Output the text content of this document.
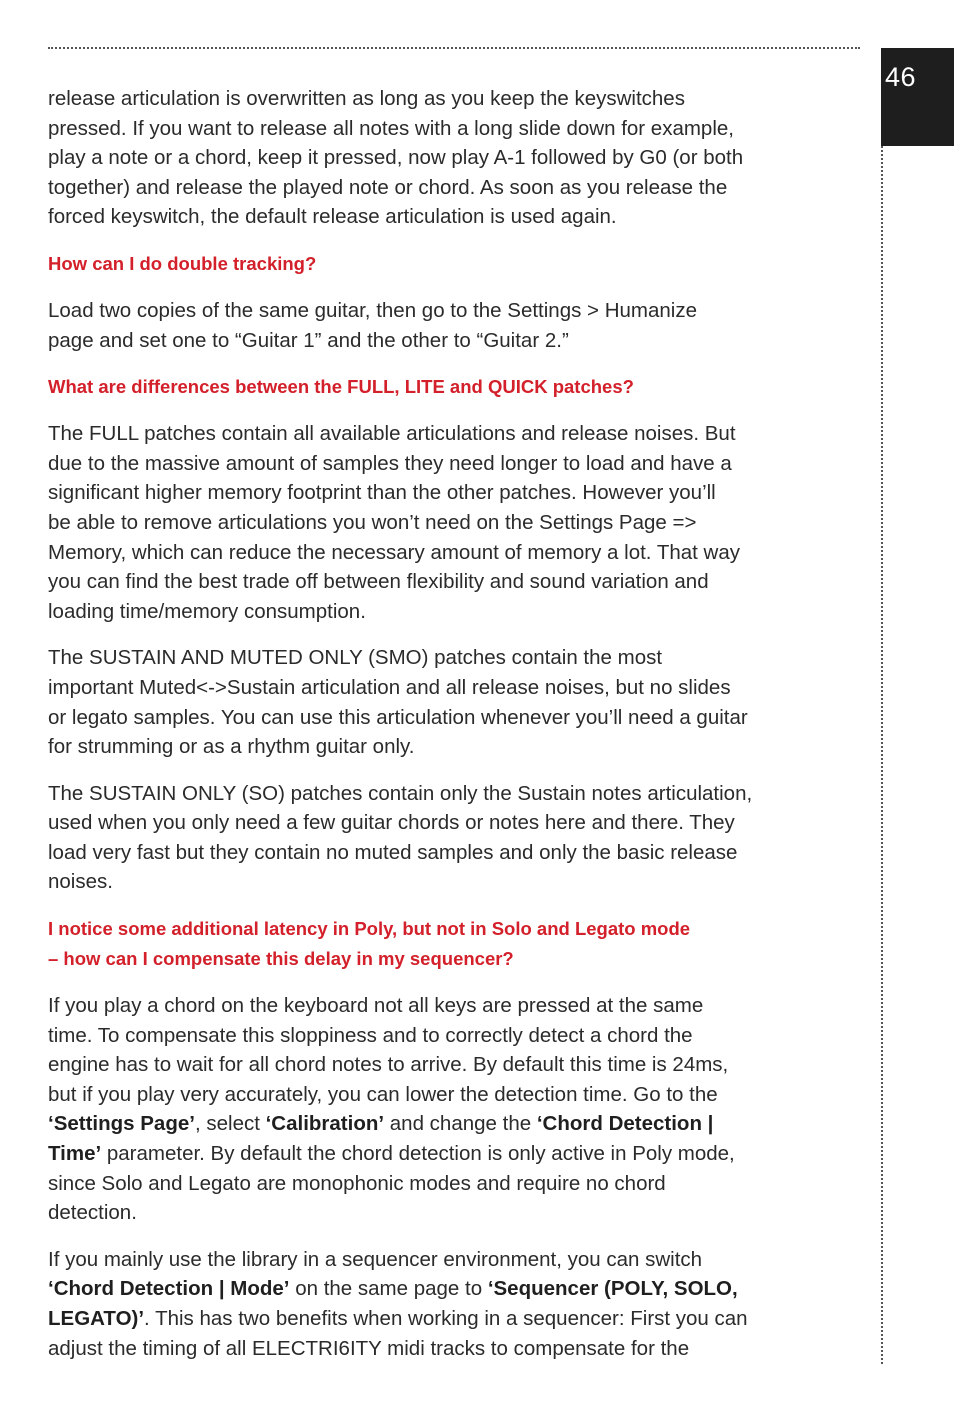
46

release articulation is overwritten as long as you keep the keyswitches
pressed. If you want to release all notes with a long slide down for example,
play a note or a chord, keep it pressed, now play A-1 followed by G0 (or both
together) and release the played note or chord. As soon as you release the
forced keyswitch, the default release articulation is used again.

How can I do double tracking?

Load two copies of the same guitar, then go to the Settings > Humanize
page and set one to “Guitar 1” and the other to “Guitar 2.”

What are differences between the FULL, LITE and QUICK patches?

The FULL patches contain all available articulations and release noises. But
due to the massive amount of samples they need longer to load and have a
significant higher memory footprint than the other patches. However you’ll
be able to remove articulations you won’t need on the Settings Page =>
Memory, which can reduce the necessary amount of memory a lot. That way
you can find the best trade off between flexibility and sound variation and
loading time/memory consumption.

The SUSTAIN AND MUTED ONLY (SMO) patches contain the most
important Muted<->Sustain articulation and all release noises, but no slides
or legato samples. You can use this articulation whenever you’ll need a guitar
for strumming or as a rhythm guitar only.

The SUSTAIN ONLY (SO) patches contain only the Sustain notes articulation,
used when you only need a few guitar chords or notes here and there. They
load very fast but they contain no muted samples and only the basic release
noises.

I notice some additional latency in Poly, but not in Solo and Legato mode
– how can I compensate this delay in my sequencer?

If you play a chord on the keyboard not all keys are pressed at the same
time. To compensate this sloppiness and to correctly detect a chord the
engine has to wait for all chord notes to arrive. By default this time is 24ms,
but if you play very accurately, you can lower the detection time. Go to the
‘Settings Page’, select ‘Calibration’ and change the ‘Chord Detection |
Time’ parameter. By default the chord detection is only active in Poly mode,
since Solo and Legato are monophonic modes and require no chord
detection.

If you mainly use the library in a sequencer environment, you can switch
‘Chord Detection | Mode’ on the same page to ‘Sequencer (POLY, SOLO,
LEGATO)’. This has two benefits when working in a sequencer: First you can
adjust the timing of all ELECTRI6ITY midi tracks to compensate for the
